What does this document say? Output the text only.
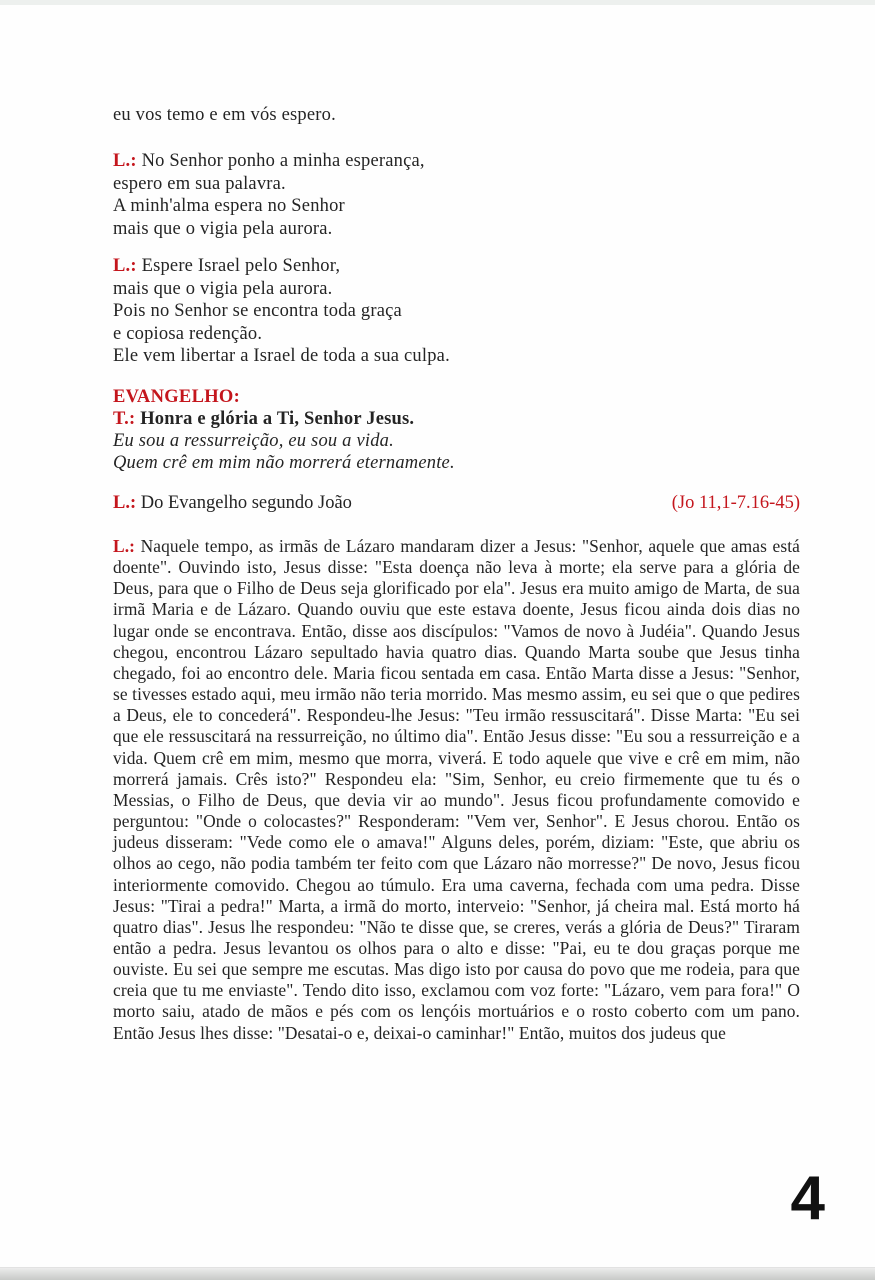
eu vos temo e em vós espero.
L.: No Senhor ponho a minha esperança,
espero em sua palavra.
A minh'alma espera no Senhor
mais que o vigia pela aurora.
L.: Espere Israel pelo Senhor,
mais que o vigia pela aurora.
Pois no Senhor se encontra toda graça
e copiosa redenção.
Ele vem libertar a Israel de toda a sua culpa.
EVANGELHO:
T.: Honra e glória a Ti, Senhor Jesus.
Eu sou a ressurreição, eu sou a vida.
Quem crê em mim não morrerá eternamente.
L.: Do Evangelho segundo João	(Jo 11,1-7.16-45)

L.: Naquele tempo, as irmãs de Lázaro mandaram dizer a Jesus: "Senhor, aquele que amas está doente". Ouvindo isto, Jesus disse: "Esta doença não leva à morte; ela serve para a glória de Deus, para que o Filho de Deus seja glorificado por ela". Jesus era muito amigo de Marta, de sua irmã Maria e de Lázaro. Quando ouviu que este estava doente, Jesus ficou ainda dois dias no lugar onde se encontrava. Então, disse aos discípulos: "Vamos de novo à Judéia". Quando Jesus chegou, encontrou Lázaro sepultado havia quatro dias. Quando Marta soube que Jesus tinha chegado, foi ao encontro dele. Maria ficou sentada em casa. Então Marta disse a Jesus: "Senhor, se tivesses estado aqui, meu irmão não teria morrido. Mas mesmo assim, eu sei que o que pedires a Deus, ele to concederá". Respondeu-lhe Jesus: "Teu irmão ressuscitará". Disse Marta: "Eu sei que ele ressuscitará na ressurreição, no último dia". Então Jesus disse: "Eu sou a ressurreição e a vida. Quem crê em mim, mesmo que morra, viverá. E todo aquele que vive e crê em mim, não morrerá jamais. Crês isto?" Respondeu ela: "Sim, Senhor, eu creio firmemente que tu és o Messias, o Filho de Deus, que devia vir ao mundo". Jesus ficou profundamente comovido e perguntou: "Onde o colocastes?" Responderam: "Vem ver, Senhor". E Jesus chorou. Então os judeus disseram: "Vede como ele o amava!" Alguns deles, porém, diziam: "Este, que abriu os olhos ao cego, não podia também ter feito com que Lázaro não morresse?" De novo, Jesus ficou interiormente comovido. Chegou ao túmulo. Era uma caverna, fechada com uma pedra. Disse Jesus: "Tirai a pedra!" Marta, a irmã do morto, interveio: "Senhor, já cheira mal. Está morto há quatro dias". Jesus lhe respondeu: "Não te disse que, se creres, verás a glória de Deus?" Tiraram então a pedra. Jesus levantou os olhos para o alto e disse: "Pai, eu te dou graças porque me ouviste. Eu sei que sempre me escutas. Mas digo isto por causa do povo que me rodeia, para que creia que tu me enviaste". Tendo dito isso, exclamou com voz forte: "Lázaro, vem para fora!" O morto saiu, atado de mãos e pés com os lençóis mortuários e o rosto coberto com um pano. Então Jesus lhes disse: "Desatai-o e, deixai-o caminhar!" Então, muitos dos judeus que

4
